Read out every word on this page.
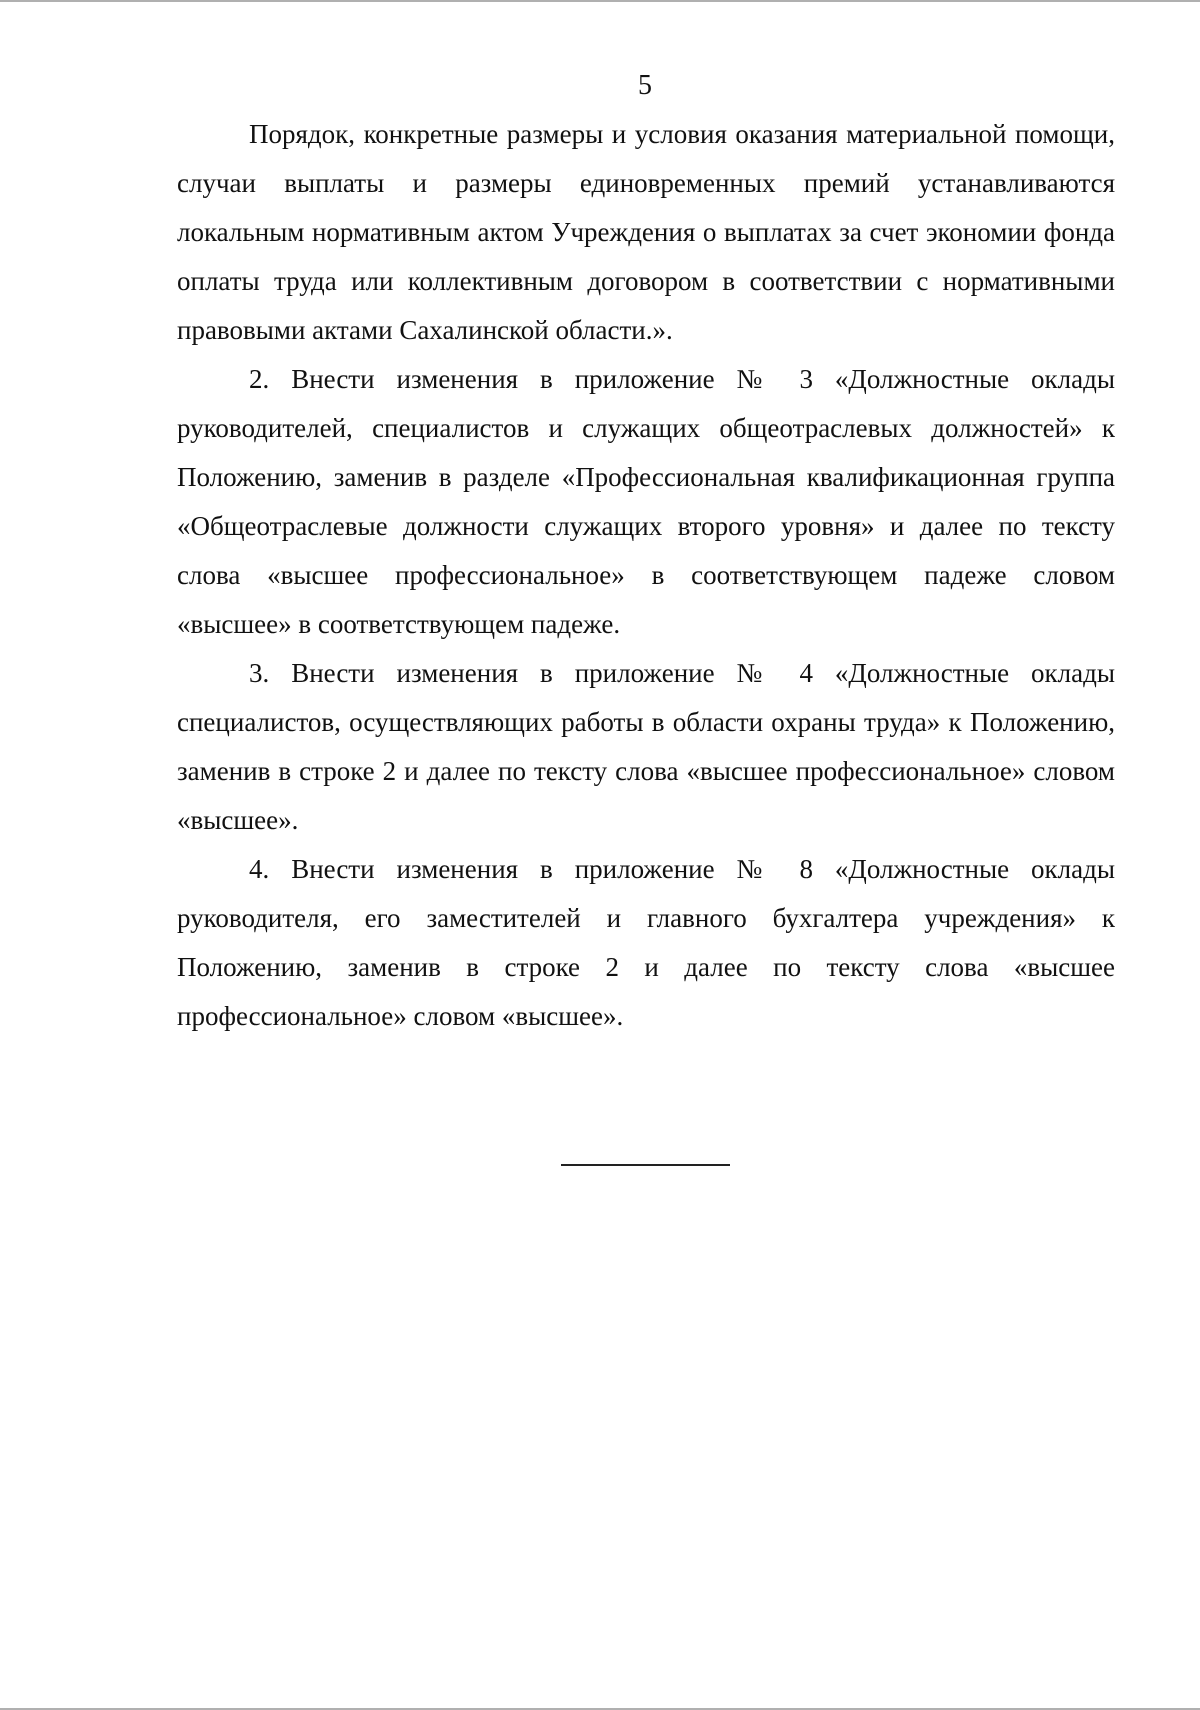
5

Порядок, конкретные размеры и условия оказания материальной помощи, случаи выплаты и размеры единовременных премий устанавливаются локальным нормативным актом Учреждения о выплатах за счет экономии фонда оплаты труда или коллективным договором в соответствии с нормативными правовыми актами Сахалинской области.».

2. Внести изменения в приложение № 3 «Должностные оклады руководителей, специалистов и служащих общеотраслевых должностей» к Положению, заменив в разделе «Профессиональная квалификационная группа «Общеотраслевые должности служащих второго уровня» и далее по тексту слова «высшее профессиональное» в соответствующем падеже словом «высшее» в соответствующем падеже.

3. Внести изменения в приложение № 4 «Должностные оклады специалистов, осуществляющих работы в области охраны труда» к Положению, заменив в строке 2 и далее по тексту слова «высшее профессиональное» словом «высшее».

4. Внести изменения в приложение № 8 «Должностные оклады руководителя, его заместителей и главного бухгалтера учреждения» к Положению, заменив в строке 2 и далее по тексту слова «высшее профессиональное» словом «высшее».
